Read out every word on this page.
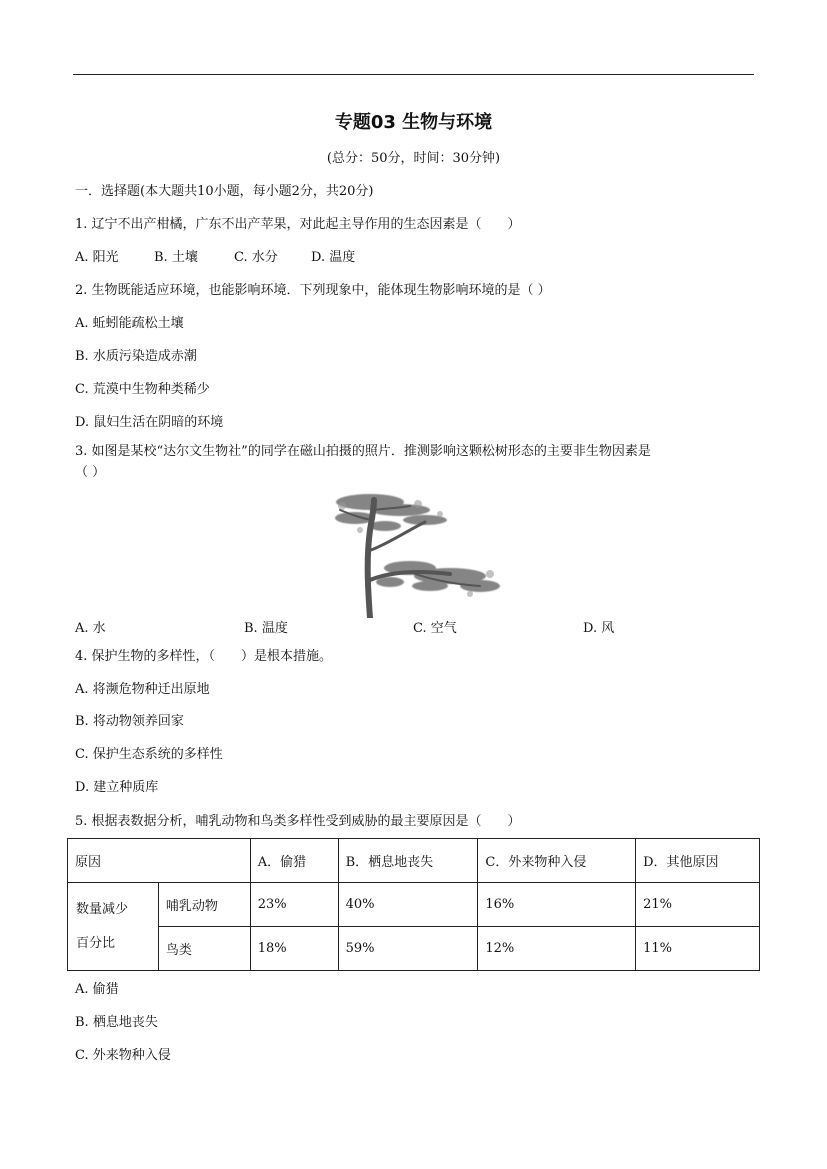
专题03 生物与环境
(总分：50分，时间：30分钟)
一．选择题(本大题共10小题，每小题2分，共20分)
1. 辽宁不出产柑橘，广东不出产苹果，对此起主导作用的生态因素是（　　）
A. 阳光	B. 土壤	C. 水分	D. 温度
2. 生物既能适应环境，也能影响环境．下列现象中，能体现生物影响环境的是（ ）
A. 蚯蚓能疏松土壤
B. 水质污染造成赤潮
C. 荒漠中生物种类稀少
D. 鼠妇生活在阴暗的环境
3. 如图是某校“达尔文生物社”的同学在磁山拍摄的照片．推测影响这颗松树形态的主要非生物因素是
（ ）
A. 水	B. 温度	C. 空气	D. 风
4. 保护生物的多样性，（　　）是根本措施。
A. 将濒危物种迁出原地
B. 将动物领养回家
C. 保护生态系统的多样性
D. 建立种质库
5. 根据表数据分析，哺乳动物和鸟类多样性受到威胁的最主要原因是（　　）
原因		A．偷猎	B．栖息地丧失	C．外来物种入侵	D．其他原因

数量减少
百分比	哺乳动物	23%	40%	16%	21%
	鸟类	18%	59%	12%	11%
A. 偷猎
B. 栖息地丧失
C. 外来物种入侵
